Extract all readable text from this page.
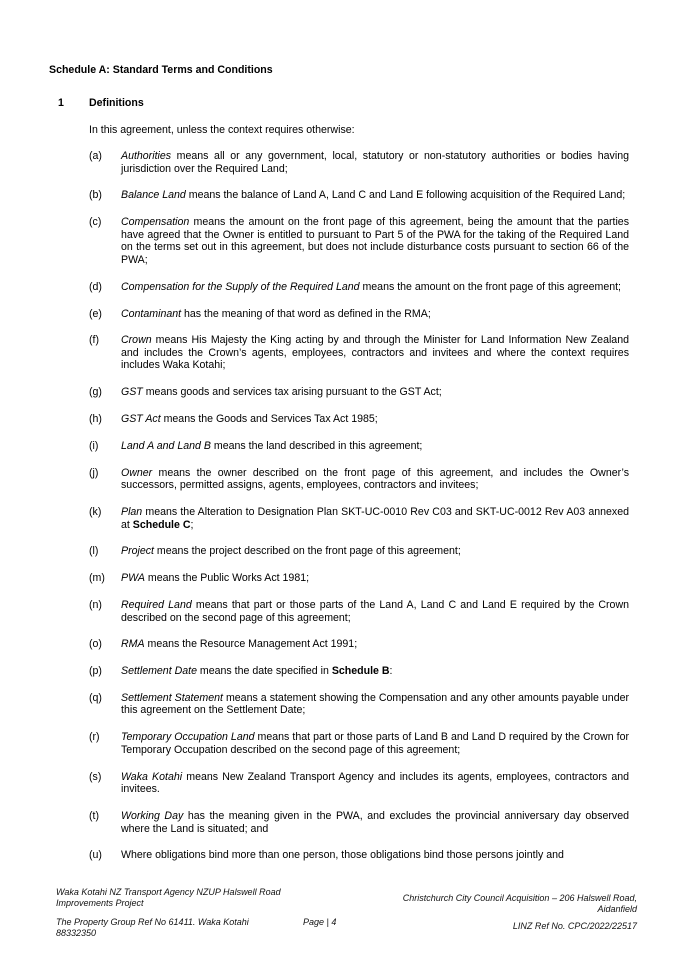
Schedule A: Standard Terms and Conditions
1 Definitions
In this agreement, unless the context requires otherwise:
(a) Authorities means all or any government, local, statutory or non-statutory authorities or bodies having jurisdiction over the Required Land;
(b) Balance Land means the balance of Land A, Land C and Land E following acquisition of the Required Land;
(c) Compensation means the amount on the front page of this agreement, being the amount that the parties have agreed that the Owner is entitled to pursuant to Part 5 of the PWA for the taking of the Required Land on the terms set out in this agreement, but does not include disturbance costs pursuant to section 66 of the PWA;
(d) Compensation for the Supply of the Required Land means the amount on the front page of this agreement;
(e) Contaminant has the meaning of that word as defined in the RMA;
(f) Crown means His Majesty the King acting by and through the Minister for Land Information New Zealand and includes the Crown’s agents, employees, contractors and invitees and where the context requires includes Waka Kotahi;
(g) GST means goods and services tax arising pursuant to the GST Act;
(h) GST Act means the Goods and Services Tax Act 1985;
(i) Land A and Land B means the land described in this agreement;
(j) Owner means the owner described on the front page of this agreement, and includes the Owner’s successors, permitted assigns, agents, employees, contractors and invitees;
(k) Plan means the Alteration to Designation Plan SKT-UC-0010 Rev C03 and SKT-UC-0012 Rev A03 annexed at Schedule C;
(l) Project means the project described on the front page of this agreement;
(m) PWA means the Public Works Act 1981;
(n) Required Land means that part or those parts of the Land A, Land C and Land E required by the Crown described on the second page of this agreement;
(o) RMA means the Resource Management Act 1991;
(p) Settlement Date means the date specified in Schedule B:
(q) Settlement Statement means a statement showing the Compensation and any other amounts payable under this agreement on the Settlement Date;
(r) Temporary Occupation Land means that part or those parts of Land B and Land D required by the Crown for Temporary Occupation described on the second page of this agreement;
(s) Waka Kotahi means New Zealand Transport Agency and includes its agents, employees, contractors and invitees.
(t) Working Day has the meaning given in the PWA, and excludes the provincial anniversary day observed where the Land is situated; and
(u) Where obligations bind more than one person, those obligations bind those persons jointly and
Waka Kotahi NZ Transport Agency NZUP Halswell Road Improvements Project
The Property Group Ref No 61411. Waka Kotahi 88332350
Page | 4
Christchurch City Council Acquisition – 206 Halswell Road, Aidanfield
LINZ Ref No. CPC/2022/22517
